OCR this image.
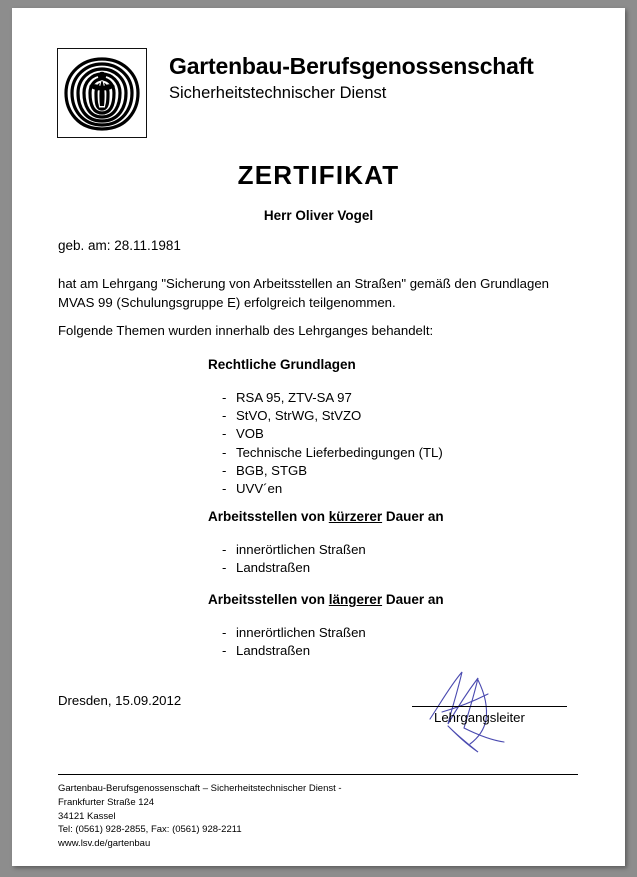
Gartenbau-Berufsgenossenschaft
Sicherheitstechnischer Dienst
ZERTIFIKAT
Herr Oliver Vogel
geb. am: 28.11.1981
hat am Lehrgang "Sicherung von Arbeitsstellen an Straßen" gemäß den Grundlagen MVAS 99 (Schulungsgruppe E) erfolgreich teilgenommen.
Folgende Themen wurden innerhalb des Lehrganges behandelt:
Rechtliche Grundlagen
- RSA 95, ZTV-SA 97
- StVO, StrWG, StVZO
- VOB
- Technische Lieferbedingungen (TL)
- BGB, STGB
- UVV´en
Arbeitsstellen von kürzerer Dauer an
- innerörtlichen Straßen
- Landstraßen
Arbeitsstellen von längerer Dauer an
- innerörtlichen Straßen
- Landstraßen
Dresden, 15.09.2012
Lehrgangsleiter
Gartenbau-Berufsgenossenschaft – Sicherheitstechnischer Dienst -
Frankfurter Straße 124
34121 Kassel
Tel: (0561) 928-2855, Fax: (0561) 928-2211
www.lsv.de/gartenbau
